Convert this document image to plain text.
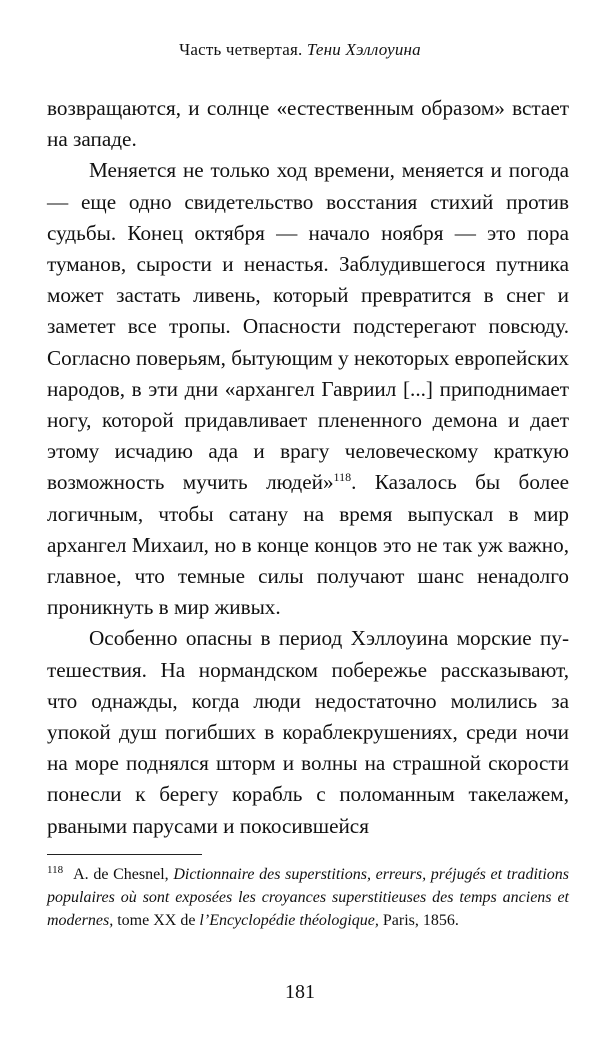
Часть четвертая. Тени Хэллоуина

возвращаются, и солнце «естественным образом» встает на западе.

Меняется не только ход времени, меняется и погода — еще одно свидетельство восстания стихий против судьбы. Конец октября — начало ноября — это пора туманов, сырости и ненастья. Заблудившегося путника может застать ливень, который превратится в снег и заметет все тропы. Опасности подстерегают повсюду. Согласно поверьям, бытующим у некоторых европейских народов, в эти дни «архангел Гавриил [...] приподнимает ногу, которой придавливает плененного демона и дает этому исчадию ада и врагу человеческому краткую возможность мучить людей»$^{118}$. Казалось бы более логичным, чтобы сатану на время выпускал в мир архангел Михаил, но в конце концов это не так уж важно, главное, что темные силы получают шанс ненадолго проникнуть в мир живых.

Особенно опасны в период Хэллоуина морские путешествия. На нормандском побережье рассказывают, что однажды, когда люди недостаточно молились за упокой душ погибших в кораблекрушениях, среди ночи на море поднялся шторм и волны на страшной скорости понесли к берегу корабль с поломанным такелажем, рваными парусами и покосившейся

$^{118}$ A. de Chesnel, Dictionnaire des superstitions, erreurs, préjugés et traditions populaires où sont exposées les croyances superstitieuses des temps anciens et modernes, tome XX de l’Encyclopédie théologique, Paris, 1856.
181
